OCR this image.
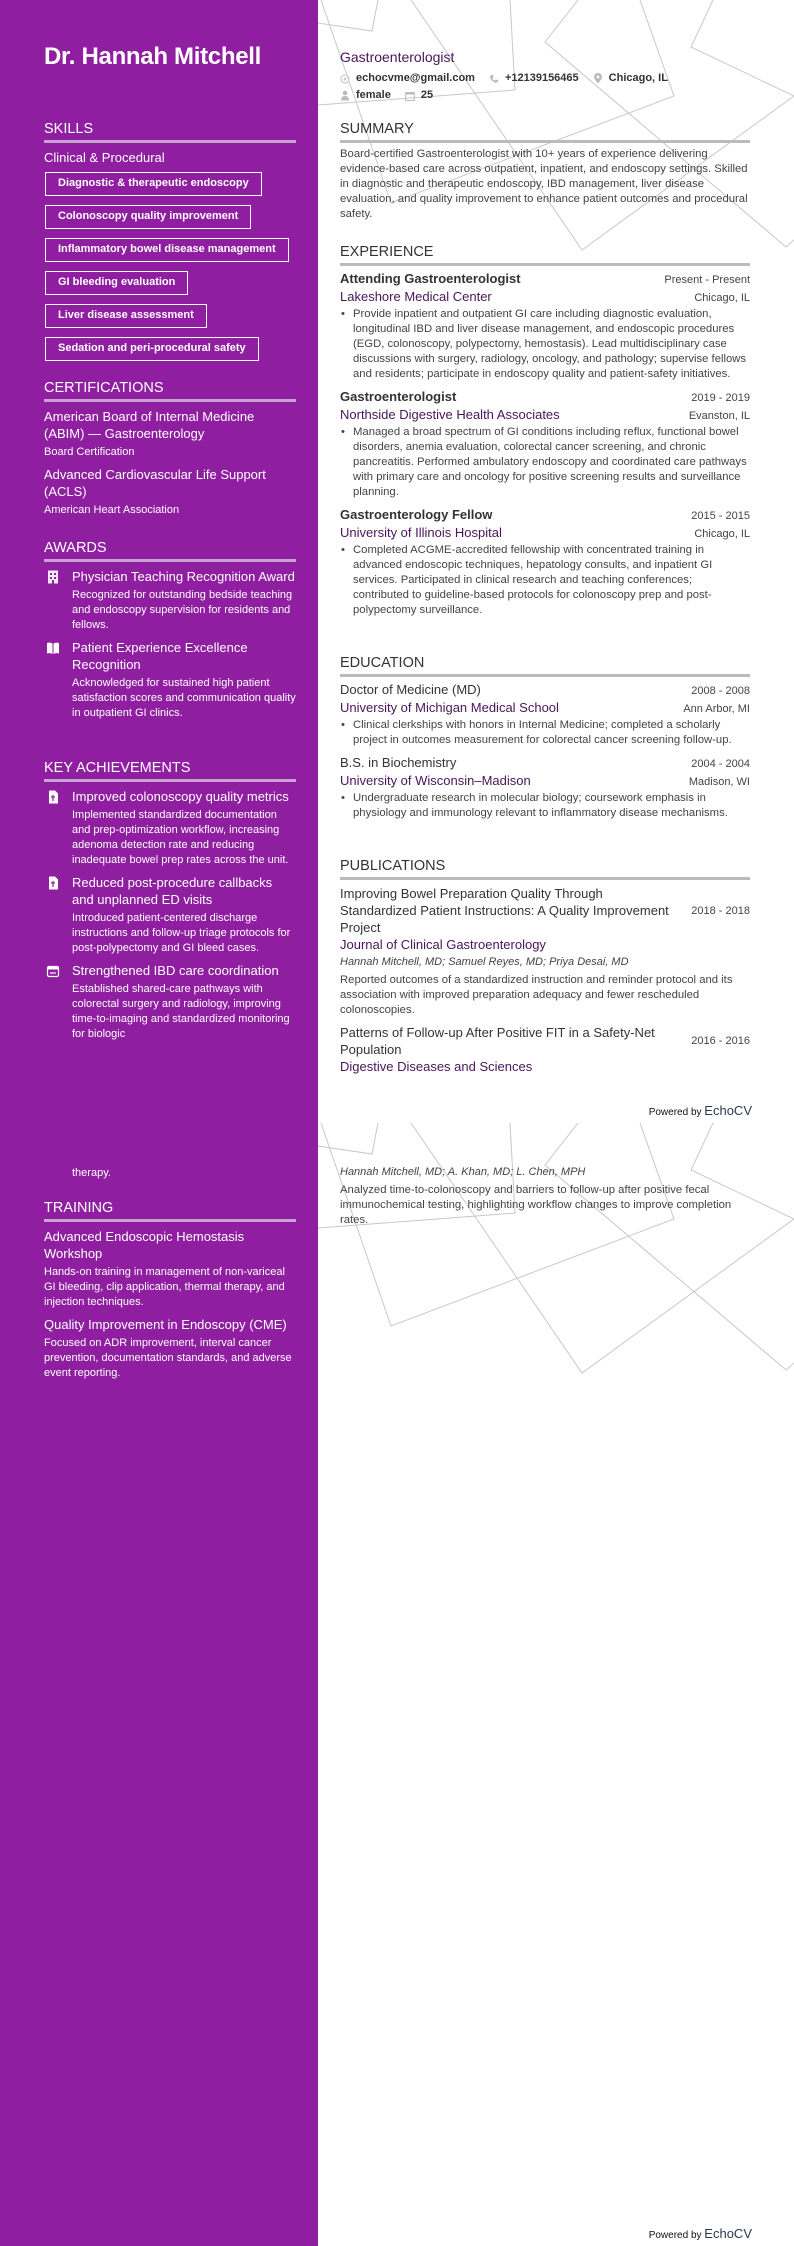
Dr. Hannah Mitchell
SKILLS
Clinical & Procedural
Diagnostic & therapeutic endoscopy
Colonoscopy quality improvement
Inflammatory bowel disease management
GI bleeding evaluation
Liver disease assessment
Sedation and peri-procedural safety
CERTIFICATIONS
American Board of Internal Medicine (ABIM) — Gastroenterology
Board Certification
Advanced Cardiovascular Life Support (ACLS)
American Heart Association
AWARDS
Physician Teaching Recognition Award
Recognized for outstanding bedside teaching and endoscopy supervision for residents and fellows.
Patient Experience Excellence Recognition
Acknowledged for sustained high patient satisfaction scores and communication quality in outpatient GI clinics.
KEY ACHIEVEMENTS
Improved colonoscopy quality metrics
Implemented standardized documentation and prep-optimization workflow, increasing adenoma detection rate and reducing inadequate bowel prep rates across the unit.
Reduced post-procedure callbacks and unplanned ED visits
Introduced patient-centered discharge instructions and follow-up triage protocols for post-polypectomy and GI bleed cases.
Strengthened IBD care coordination
Established shared-care pathways with colorectal surgery and radiology, improving time-to-imaging and standardized monitoring for biologic
Gastroenterologist
echocvme@gmail.com	+12139156465	Chicago, IL
female	25
SUMMARY
Board-certified Gastroenterologist with 10+ years of experience delivering evidence-based care across outpatient, inpatient, and endoscopy settings. Skilled in diagnostic and therapeutic endoscopy, IBD management, liver disease evaluation, and quality improvement to enhance patient outcomes and procedural safety.
EXPERIENCE
Attending Gastroenterologist	Present - Present
Lakeshore Medical Center	Chicago, IL
• Provide inpatient and outpatient GI care including diagnostic evaluation, longitudinal IBD and liver disease management, and endoscopic procedures (EGD, colonoscopy, polypectomy, hemostasis). Lead multidisciplinary case discussions with surgery, radiology, oncology, and pathology; supervise fellows and residents; participate in endoscopy quality and patient-safety initiatives.
Gastroenterologist	2019 - 2019
Northside Digestive Health Associates	Evanston, IL
• Managed a broad spectrum of GI conditions including reflux, functional bowel disorders, anemia evaluation, colorectal cancer screening, and chronic pancreatitis. Performed ambulatory endoscopy and coordinated care pathways with primary care and oncology for positive screening results and surveillance planning.
Gastroenterology Fellow	2015 - 2015
University of Illinois Hospital	Chicago, IL
• Completed ACGME-accredited fellowship with concentrated training in advanced endoscopic techniques, hepatology consults, and inpatient GI services. Participated in clinical research and teaching conferences; contributed to guideline-based protocols for colonoscopy prep and post-polypectomy surveillance.
EDUCATION
Doctor of Medicine (MD)	2008 - 2008
University of Michigan Medical School	Ann Arbor, MI
• Clinical clerkships with honors in Internal Medicine; completed a scholarly project in outcomes measurement for colorectal cancer screening follow-up.
B.S. in Biochemistry	2004 - 2004
University of Wisconsin–Madison	Madison, WI
• Undergraduate research in molecular biology; coursework emphasis in physiology and immunology relevant to inflammatory disease mechanisms.
PUBLICATIONS
Improving Bowel Preparation Quality Through Standardized Patient Instructions: A Quality Improvement Project
2018 - 2018
Journal of Clinical Gastroenterology
Hannah Mitchell, MD; Samuel Reyes, MD; Priya Desai, MD
Reported outcomes of a standardized instruction and reminder protocol and its association with improved preparation adequacy and fewer rescheduled colonoscopies.
Patterns of Follow-up After Positive FIT in a Safety-Net Population
2016 - 2016
Digestive Diseases and Sciences
Powered by EchoCV
therapy.
TRAINING
Advanced Endoscopic Hemostasis Workshop
Hands-on training in management of non-variceal GI bleeding, clip application, thermal therapy, and injection techniques.
Quality Improvement in Endoscopy (CME)
Focused on ADR improvement, interval cancer prevention, documentation standards, and adverse event reporting.
Hannah Mitchell, MD; A. Khan, MD; L. Chen, MPH
Analyzed time-to-colonoscopy and barriers to follow-up after positive fecal immunochemical testing, highlighting workflow changes to improve completion rates.
Powered by EchoCV
